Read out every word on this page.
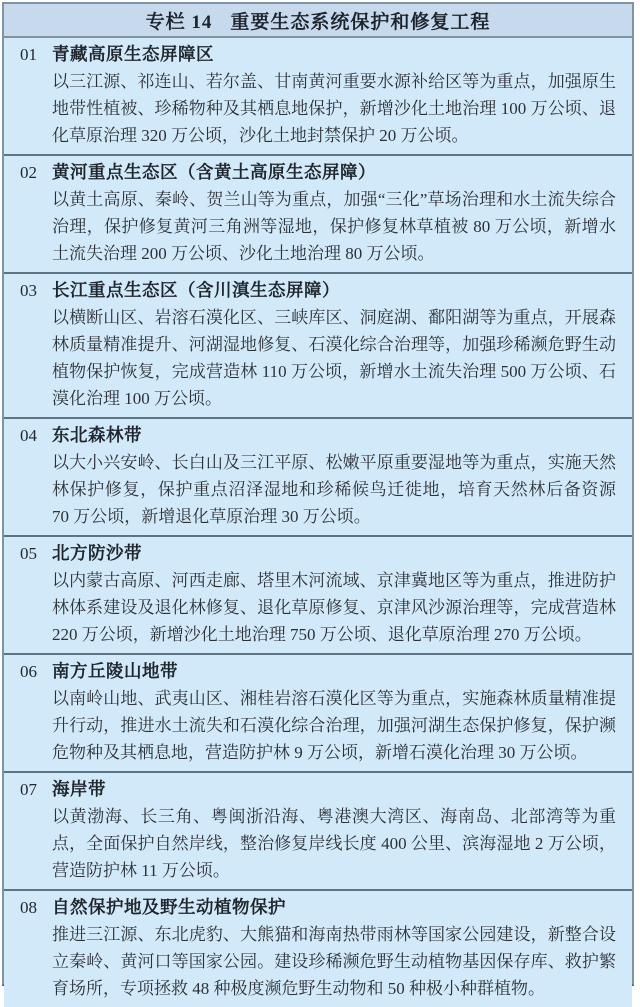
专栏 14 重要生态系统保护和修复工程
01 青藏高原生态屏障区

以三江源、祁连山、若尔盖、甘南黄河重要水源补给区等为重点，加强原生地带性植被、珍稀物种及其栖息地保护，新增沙化土地治理 100 万公顷、退化草原治理 320 万公顷，沙化土地封禁保护 20 万公顷。

02 黄河重点生态区（含黄土高原生态屏障）

以黄土高原、秦岭、贺兰山等为重点，加强“三化”草场治理和水土流失综合治理，保护修复黄河三角洲等湿地，保护修复林草植被 80 万公顷，新增水土流失治理 200 万公顷、沙化土地治理 80 万公顷。

03 长江重点生态区（含川滇生态屏障）

以横断山区、岩溶石漠化区、三峡库区、洞庭湖、鄱阳湖等为重点，开展森林质量精准提升、河湖湿地修复、石漠化综合治理等，加强珍稀濒危野生动植物保护恢复，完成营造林 110 万公顷，新增水土流失治理 500 万公顷、石漠化治理 100 万公顷。

04 东北森林带

以大小兴安岭、长白山及三江平原、松嫩平原重要湿地等为重点，实施天然林保护修复，保护重点沼泽湿地和珍稀候鸟迁徙地，培育天然林后备资源 70 万公顷，新增退化草原治理 30 万公顷。

05 北方防沙带

以内蒙古高原、河西走廊、塔里木河流域、京津冀地区等为重点，推进防护林体系建设及退化林修复、退化草原修复、京津风沙源治理等，完成营造林 220 万公顷，新增沙化土地治理 750 万公顷、退化草原治理 270 万公顷。

06 南方丘陵山地带

以南岭山地、武夷山区、湘桂岩溶石漠化区等为重点，实施森林质量精准提升行动，推进水土流失和石漠化综合治理，加强河湖生态保护修复，保护濒危物种及其栖息地，营造防护林 9 万公顷，新增石漠化治理 30 万公顷。

07 海岸带

以黄渤海、长三角、粤闽浙沿海、粤港澳大湾区、海南岛、北部湾等为重点，全面保护自然岸线，整治修复岸线长度 400 公里、滨海湿地 2 万公顷，营造防护林 11 万公顷。

08 自然保护地及野生动植物保护

推进三江源、东北虎豹、大熊猫和海南热带雨林等国家公园建设，新整合设立秦岭、黄河口等国家公园。建设珍稀濒危野生动植物基因保存库、救护繁育场所，专项拯救 48 种极度濒危野生动物和 50 种极小种群植物。
